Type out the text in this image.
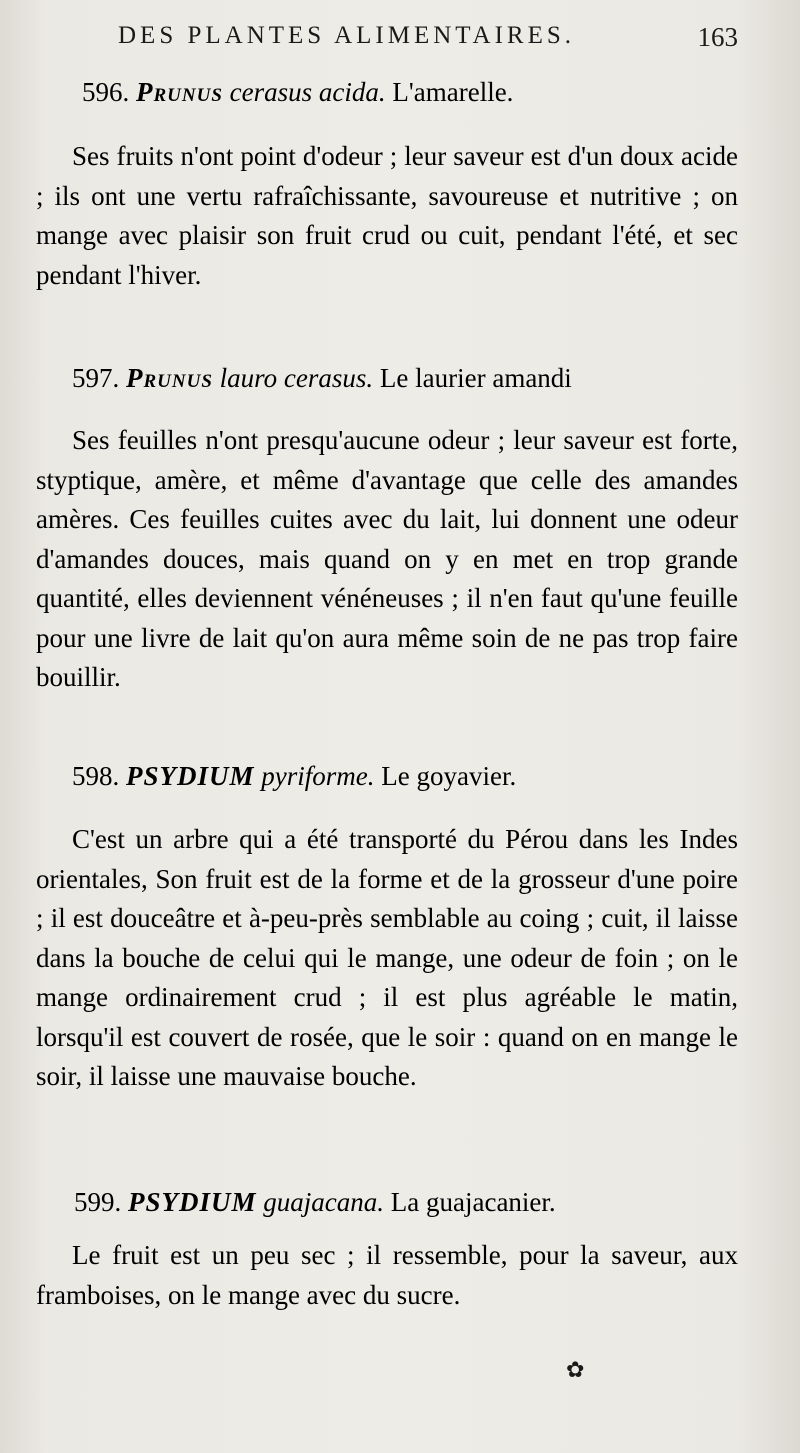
DES PLANTES ALIMENTAIRES.	163
596. Prunus cerasus acida. L'amarelle.

Ses fruits n'ont point d'odeur ; leur saveur est d'un doux acide ; ils ont une vertu rafraîchissante, savoureuse et nutritive ; on mange avec plaisir son fruit crud ou cuit, pendant l'été, et sec pendant l'hiver.

597. Prunus lauro cerasus. Le laurier amandi

Ses feuilles n'ont presqu'aucune odeur ; leur saveur est forte, styptique, amère, et même d'avantage que celle des amandes amères. Ces feuilles cuites avec du lait, lui donnent une odeur d'amandes douces, mais quand on y en met en trop grande quantité, elles deviennent vénéneuses ; il n'en faut qu'une feuille pour une livre de lait qu'on aura même soin de ne pas trop faire bouillir.

598. PSYDIUM pyriforme. Le goyavier.

C'est un arbre qui a été transporté du Pérou dans les Indes orientales, Son fruit est de la forme et de la grosseur d'une poire ; il est douceâtre et à-peu-près semblable au coing ; cuit, il laisse dans la bouche de celui qui le mange, une odeur de foin ; on le mange ordinairement crud ; il est plus agréable le matin, lorsqu'il est couvert de rosée, que le soir : quand on en mange le soir, il laisse une mauvaise bouche.

599. PSYDIUM guajacana. La guajacanier.

Le fruit est un peu sec ; il ressemble, pour la saveur, aux framboises, on le mange avec du sucre.

✿
